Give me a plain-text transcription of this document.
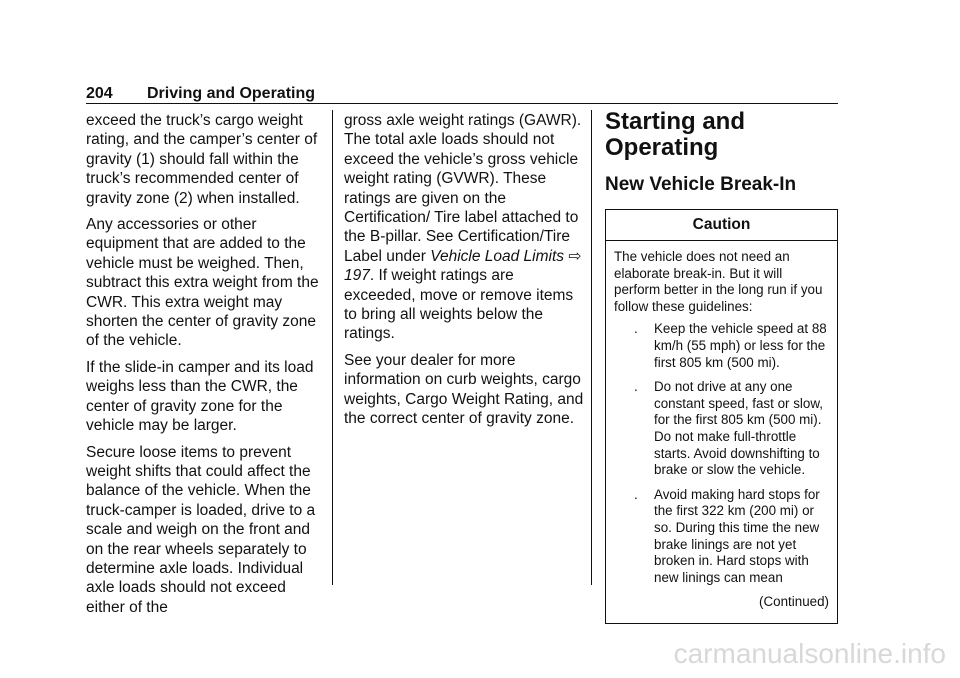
204 Driving and Operating

exceed the truck’s cargo weight rating, and the camper’s center of gravity (1) should fall within the truck’s recommended center of gravity zone (2) when installed.

Any accessories or other equipment that are added to the vehicle must be weighed. Then, subtract this extra weight from the CWR. This extra weight may shorten the center of gravity zone of the vehicle.

If the slide-in camper and its load weighs less than the CWR, the center of gravity zone for the vehicle may be larger.

Secure loose items to prevent weight shifts that could affect the balance of the vehicle. When the truck-camper is loaded, drive to a scale and weigh on the front and on the rear wheels separately to determine axle loads. Individual axle loads should not exceed either of the

gross axle weight ratings (GAWR). The total axle loads should not exceed the vehicle’s gross vehicle weight rating (GVWR). These ratings are given on the Certification/ Tire label attached to the B-pillar. See Certification/Tire Label under Vehicle Load Limits ⇨ 197. If weight ratings are exceeded, move or remove items to bring all weights below the ratings.

See your dealer for more information on curb weights, cargo weights, Cargo Weight Rating, and the correct center of gravity zone.

Starting and Operating
New Vehicle Break-In
Caution

The vehicle does not need an elaborate break-in. But it will perform better in the long run if you follow these guidelines:

. Keep the vehicle speed at 88 km/h (55 mph) or less for the first 805 km (500 mi).
. Do not drive at any one constant speed, fast or slow, for the first 805 km (500 mi). Do not make full-throttle starts. Avoid downshifting to brake or slow the vehicle.
. Avoid making hard stops for the first 322 km (200 mi) or so. During this time the new brake linings are not yet broken in. Hard stops with new linings can mean

(Continued)

carmanualsonline.info
